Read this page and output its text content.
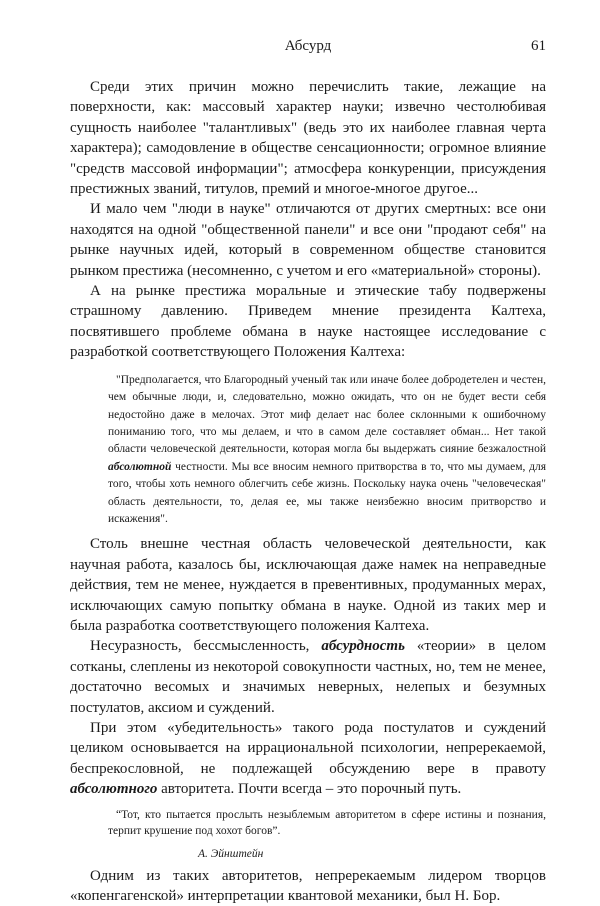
Абсурд	61

Среди этих причин можно перечислить такие, лежащие на поверхности, как: массовый характер науки; извечно честолюбивая сущность наиболее "талантливых" (ведь это их наиболее главная черта характера); самодовление в обществе сенсационности; огромное влияние "средств массовой информации"; атмосфера конкуренции, присуждения престижных званий, титулов, премий и многое-многое другое...

И мало чем "люди в науке" отличаются от других смертных: все они находятся на одной "общественной панели" и все они "продают себя" на рынке научных идей, который в современном обществе становится рынком престижа (несомненно, с учетом и его «материальной» стороны).

А на рынке престижа моральные и этические табу подвержены страшному давлению. Приведем мнение президента Калтеха, посвятившего проблеме обмана в науке настоящее исследование с разработкой соответствующего Положения Калтеха:

"Предполагается, что Благородный ученый так или иначе более добродетелен и честен, чем обычные люди, и, следовательно, можно ожидать, что он не будет вести себя недостойно даже в мелочах. Этот миф делает нас более склонными к ошибочному пониманию того, что мы делаем, и что в самом деле составляет обман... Нет такой области человеческой деятельности, которая могла бы выдержать сияние безжалостной абсолютной честности. Мы все вносим немного притворства в то, что мы думаем, для того, чтобы хоть немного облегчить себе жизнь. Поскольку наука очень "человеческая" область деятельности, то, делая ее, мы также неизбежно вносим притворство и искажения".

Столь внешне честная область человеческой деятельности, как научная работа, казалось бы, исключающая даже намек на неправедные действия, тем не менее, нуждается в превентивных, продуманных мерах, исключающих самую попытку обмана в науке. Одной из таких мер и была разработка соответствующего положения Калтеха.

Несуразность, бессмысленность, абсурдность «теории» в целом сотканы, слеплены из некоторой совокупности частных, но, тем не менее, достаточно весомых и значимых неверных, нелепых и безумных постулатов, аксиом и суждений.

При этом «убедительность» такого рода постулатов и суждений целиком основывается на иррациональной психологии, непререкаемой, беспрекословной, не подлежащей обсуждению вере в правоту абсолютного авторитета. Почти всегда – это порочный путь.

“Тот, кто пытается прослыть незыблемым авторитетом в сфере истины и познания, терпит крушение под хохот богов”.

А. Эйнштейн

Одним из таких авторитетов, непререкаемым лидером творцов «копенгагенской» интерпретации квантовой механики, был Н. Бор.
